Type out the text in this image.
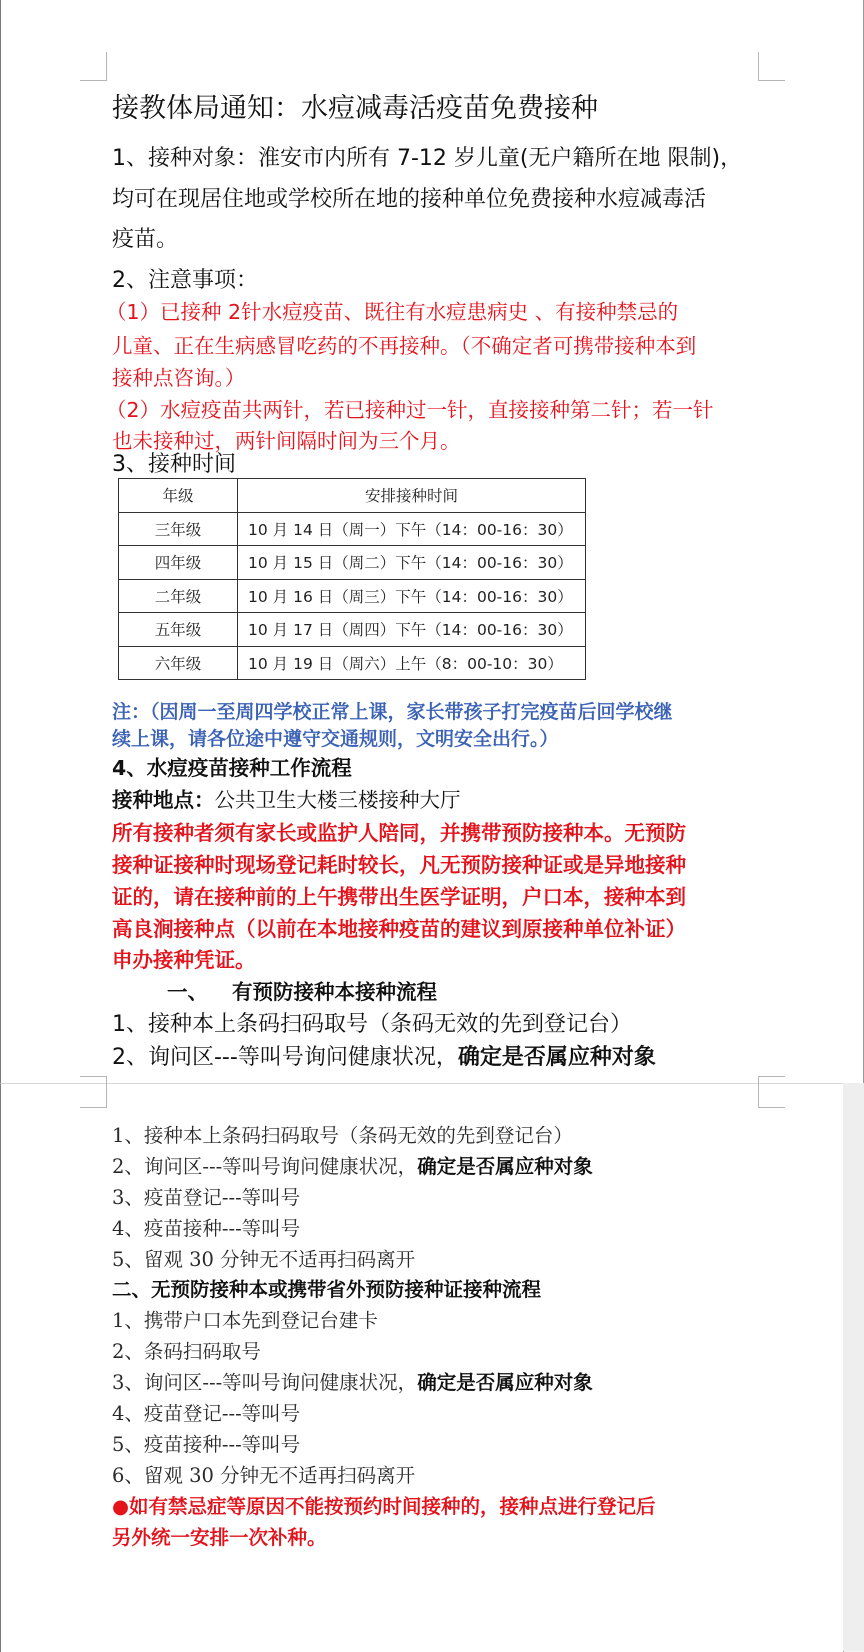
接教体局通知：水痘减毒活疫苗免费接种
1、接种对象：淮安市内所有 7-12 岁儿童(无户籍所在地 限制)，
均可在现居住地或学校所在地的接种单位免费接种水痘减毒活
疫苗。
2、注意事项：
（1）已接种 2针水痘疫苗、既往有水痘患病史 、有接种禁忌的
儿童、正在生病感冒吃药的不再接种。（不确定者可携带接种本到
接种点咨询。）
（2）水痘疫苗共两针，若已接种过一针，直接接种第二针；若一针
也未接种过，两针间隔时间为三个月。
3、接种时间
年级	安排接种时间
三年级	10 月 14 日（周一）下午（14：00-16：30）
四年级	10 月 15 日（周二）下午（14：00-16：30）
二年级	10 月 16 日（周三）下午（14：00-16：30）
五年级	10 月 17 日（周四）下午（14：00-16：30）
六年级	10 月 19 日（周六）上午（8：00-10：30）
注：（因周一至周四学校正常上课，家长带孩子打完疫苗后回学校继
续上课，请各位途中遵守交通规则，文明安全出行。）
4、水痘疫苗接种工作流程
接种地点：公共卫生大楼三楼接种大厅
所有接种者须有家长或监护人陪同，并携带预防接种本。无预防
接种证接种时现场登记耗时较长，凡无预防接种证或是异地接种
证的，请在接种前的上午携带出生医学证明，户口本，接种本到
高良涧接种点（以前在本地接种疫苗的建议到原接种单位补证）
申办接种凭证。
一、 有预防接种本接种流程
1、接种本上条码扫码取号（条码无效的先到登记台）
2、询问区---等叫号询问健康状况，确定是否属应种对象
1、接种本上条码扫码取号（条码无效的先到登记台）
2、询问区---等叫号询问健康状况，确定是否属应种对象
3、疫苗登记---等叫号
4、疫苗接种---等叫号
5、留观 30 分钟无不适再扫码离开
二、无预防接种本或携带省外预防接种证接种流程
1、携带户口本先到登记台建卡
2、条码扫码取号
3、询问区---等叫号询问健康状况，确定是否属应种对象
4、疫苗登记---等叫号
5、疫苗接种---等叫号
6、留观 30 分钟无不适再扫码离开
●如有禁忌症等原因不能按预约时间接种的，接种点进行登记后
另外统一安排一次补种。
